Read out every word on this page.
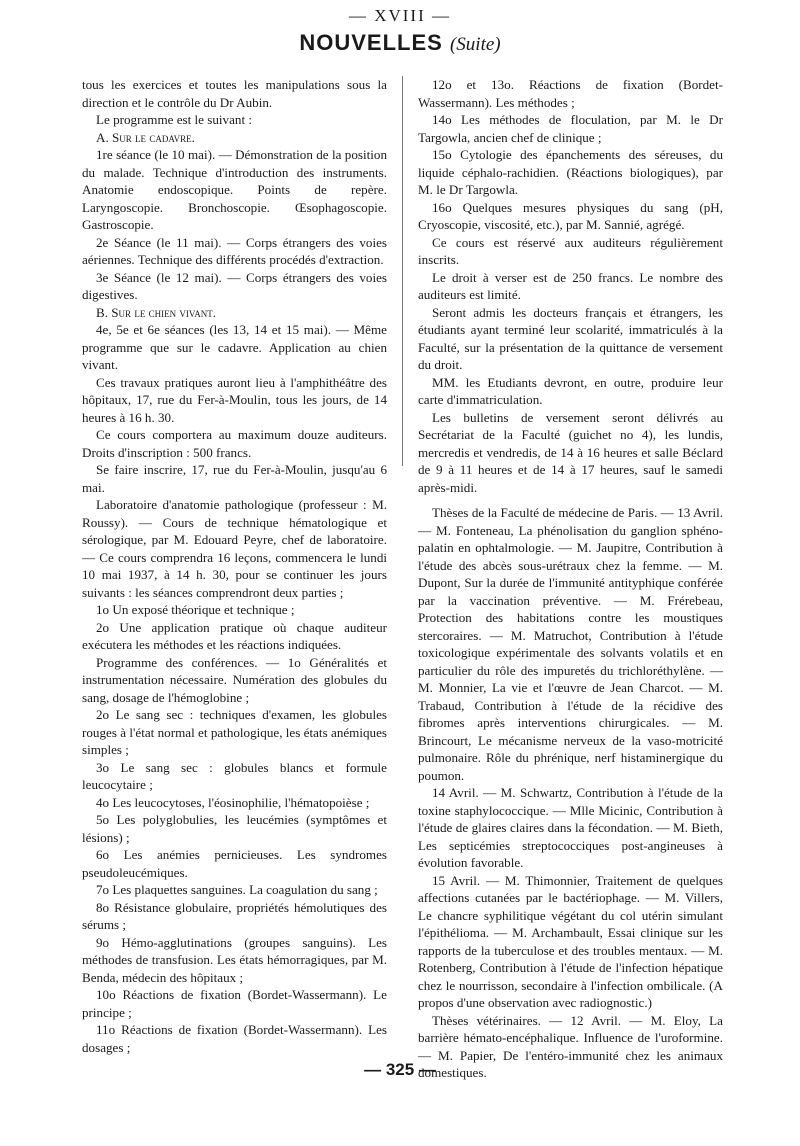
— XVIII —
NOUVELLES (Suite)

tous les exercices et toutes les manipulations sous la direction et le contrôle du Dr Aubin.

Le programme est le suivant :

A. Sur le cadavre.

1re séance (le 10 mai). — Démonstration de la position du malade. Technique d'introduction des instruments. Anatomie endoscopique. Points de repère. Laryngoscopie. Bronchoscopie. Œsophagoscopie. Gastroscopie.

2e Séance (le 11 mai). — Corps étrangers des voies aériennes. Technique des différents procédés d'extraction.

3e Séance (le 12 mai). — Corps étrangers des voies digestives.

B. Sur le chien vivant.

4e, 5e et 6e séances (les 13, 14 et 15 mai). — Même programme que sur le cadavre. Application au chien vivant.

Ces travaux pratiques auront lieu à l'amphithéâtre des hôpitaux, 17, rue du Fer-à-Moulin, tous les jours, de 14 heures à 16 h. 30.

Ce cours comportera au maximum douze auditeurs. Droits d'inscription : 500 francs.

Se faire inscrire, 17, rue du Fer-à-Moulin, jusqu'au 6 mai.

Laboratoire d'anatomie pathologique (professeur : M. Roussy). — Cours de technique hématologique et sérologique, par M. Edouard Peyre, chef de laboratoire. — Ce cours comprendra 16 leçons, commencera le lundi 10 mai 1937, à 14 h. 30, pour se continuer les jours suivants : les séances comprendront deux parties ;

1o Un exposé théorique et technique ;

2o Une application pratique où chaque auditeur exécutera les méthodes et les réactions indiquées.

Programme des conférences. — 1o Généralités et instrumentation nécessaire. Numération des globules du sang, dosage de l'hémoglobine ;

2o Le sang sec : techniques d'examen, les globules rouges à l'état normal et pathologique, les états anémiques simples ;

3o Le sang sec : globules blancs et formule leucocytaire ;

4o Les leucocytoses, l'éosinophilie, l'hématopoièse ;

5o Les polyglobulies, les leucémies (symptômes et lésions) ;

6o Les anémies pernicieuses. Les syndromes pseudoleucémiques.

7o Les plaquettes sanguines. La coagulation du sang ;

8o Résistance globulaire, propriétés hémolutiques des sérums ;

9o Hémo-agglutinations (groupes sanguins). Les méthodes de transfusion. Les états hémorragiques, par M. Benda, médecin des hôpitaux ;

10o Réactions de fixation (Bordet-Wassermann). Le principe ;

11o Réactions de fixation (Bordet-Wassermann). Les dosages ;

12o et 13o. Réactions de fixation (Bordet-Wassermann). Les méthodes ;

14o Les méthodes de floculation, par M. le Dr Targowla, ancien chef de clinique ;

15o Cytologie des épanchements des séreuses, du liquide céphalo-rachidien. (Réactions biologiques), par M. le Dr Targowla.

16o Quelques mesures physiques du sang (pH, Cryoscopie, viscosité, etc.), par M. Sannié, agrégé.

Ce cours est réservé aux auditeurs régulièrement inscrits.

Le droit à verser est de 250 francs. Le nombre des auditeurs est limité.

Seront admis les docteurs français et étrangers, les étudiants ayant terminé leur scolarité, immatriculés à la Faculté, sur la présentation de la quittance de versement du droit.

MM. les Etudiants devront, en outre, produire leur carte d'immatriculation.

Les bulletins de versement seront délivrés au Secrétariat de la Faculté (guichet no 4), les lundis, mercredis et vendredis, de 14 à 16 heures et salle Béclard de 9 à 11 heures et de 14 à 17 heures, sauf le samedi après-midi.

Thèses de la Faculté de médecine de Paris. — 13 Avril. — M. Fonteneau, La phénolisation du ganglion sphéno-palatin en ophtalmologie. — M. Jaupitre, Contribution à l'étude des abcès sous-urétraux chez la femme. — M. Dupont, Sur la durée de l'immunité antityphique conférée par la vaccination préventive. — M. Frérebeau, Protection des habitations contre les moustiques stercoraires. — M. Matruchot, Contribution à l'étude toxicologique expérimentale des solvants volatils et en particulier du rôle des impuretés du trichloréthylène. — M. Monnier, La vie et l'œuvre de Jean Charcot. — M. Trabaud, Contribution à l'étude de la récidive des fibromes après interventions chirurgicales. — M. Brincourt, Le mécanisme nerveux de la vaso-motricité pulmonaire. Rôle du phrénique, nerf histaminergique du poumon.

14 Avril. — M. Schwartz, Contribution à l'étude de la toxine staphylococcique. — Mlle Micinic, Contribution à l'étude de glaires claires dans la fécondation. — M. Bieth, Les septicémies streptococciques post-angineuses à évolution favorable.

15 Avril. — M. Thimonnier, Traitement de quelques affections cutanées par le bactériophage. — M. Villers, Le chancre syphilitique végétant du col utérin simulant l'épithélioma. — M. Archambault, Essai clinique sur les rapports de la tuberculose et des troubles mentaux. — M. Rotenberg, Contribution à l'étude de l'infection hépatique chez le nourrisson, secondaire à l'infection ombilicale. (A propos d'une observation avec radiognostic.)

Thèses vétérinaires. — 12 Avril. — M. Eloy, La barrière hémato-encéphalique. Influence de l'uroformine. — M. Papier, De l'entéro-immunité chez les animaux domestiques.

— 325 —
